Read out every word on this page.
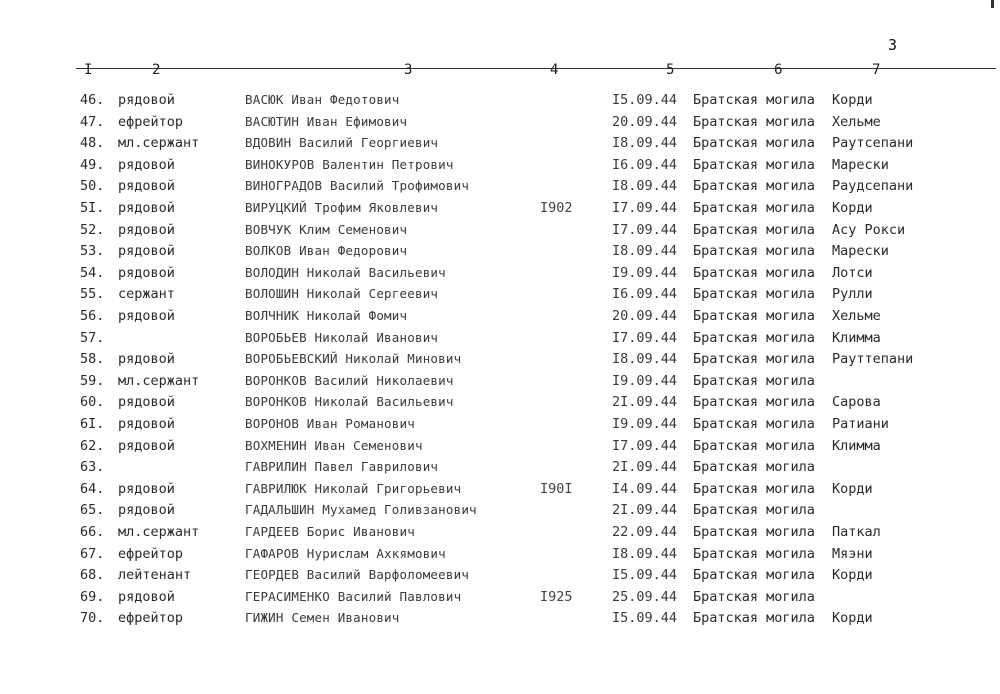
3
I	2	3	4	5	6	7
46. рядовой	ВАСЮК Иван Федотович	I5.09.44 Братская могила Корди
47. ефрейтор	ВАСЮТИН Иван Ефимович	20.09.44 Братская могила Хельме
48. мл.сержант	ВДОВИН Василий Георгиевич	I8.09.44 Братская могила Раутсепани
49. рядовой	ВИНОКУРОВ Валентин Петрович	I6.09.44 Братская могила Марески
50. рядовой	ВИНОГРАДОВ Василий Трофимович	I8.09.44 Братская могила Раудсепани
5I. рядовой	ВИРУЦКИЙ Трофим Яковлевич	I902	I7.09.44 Братская могила Корди
52. рядовой	ВОВЧУК Клим Семенович	I7.09.44 Братская могила Асу Рокси
53. рядовой	ВОЛКОВ Иван Федорович	I8.09.44 Братская могила Марески
54. рядовой	ВОЛОДИН Николай Васильевич	I9.09.44 Братская могила Лотси
55. сержант	ВОЛОШИН Николай Сергеевич	I6.09.44 Братская могила Рулли
56. рядовой	ВОЛЧНИК Николай Фомич	20.09.44 Братская могила Хельме
57.	ВОРОБЬЕВ Николай Иванович	I7.09.44 Братская могила Климма
58. рядовой	ВОРОБЬЕВСКИЙ Николай Минович	I8.09.44 Братская могила Рауттепани
59. мл.сержант	ВОРОНКОВ Василий Николаевич	I9.09.44 Братская могила
60. рядовой	ВОРОНКОВ Николай Васильевич	2I.09.44 Братская могила Сарова
6I. рядовой	ВОРОНОВ Иван Романович	I9.09.44 Братская могила Ратиани
62. рядовой	ВОХМЕНИН Иван Семенович	I7.09.44 Братская могила Климма
63.	ГАВРИЛИН Павел Гаврилович	2I.09.44 Братская могила
64. рядовой	ГАВРИЛЮК Николай Григорьевич	I90I	I4.09.44 Братская могила Корди
65. рядовой	ГАДАЛЬШИН Мухамед Голивзанович	2I.09.44 Братская могила
66. мл.сержант	ГАРДЕЕВ Борис Иванович	22.09.44 Братская могила Паткал
67. ефрейтор	ГАФАРОВ Нурислам Ахкямович	I8.09.44 Братская могила Мяэни
68. лейтенант	ГЕОРДЕВ Василий Варфоломеевич	I5.09.44 Братская могила Корди
69. рядовой	ГЕРАСИМЕНКО Василий Павлович	I925	25.09.44 Братская могила
70. ефрейтор	ГИЖИН Семен Иванович	I5.09.44 Братская могила Корди
